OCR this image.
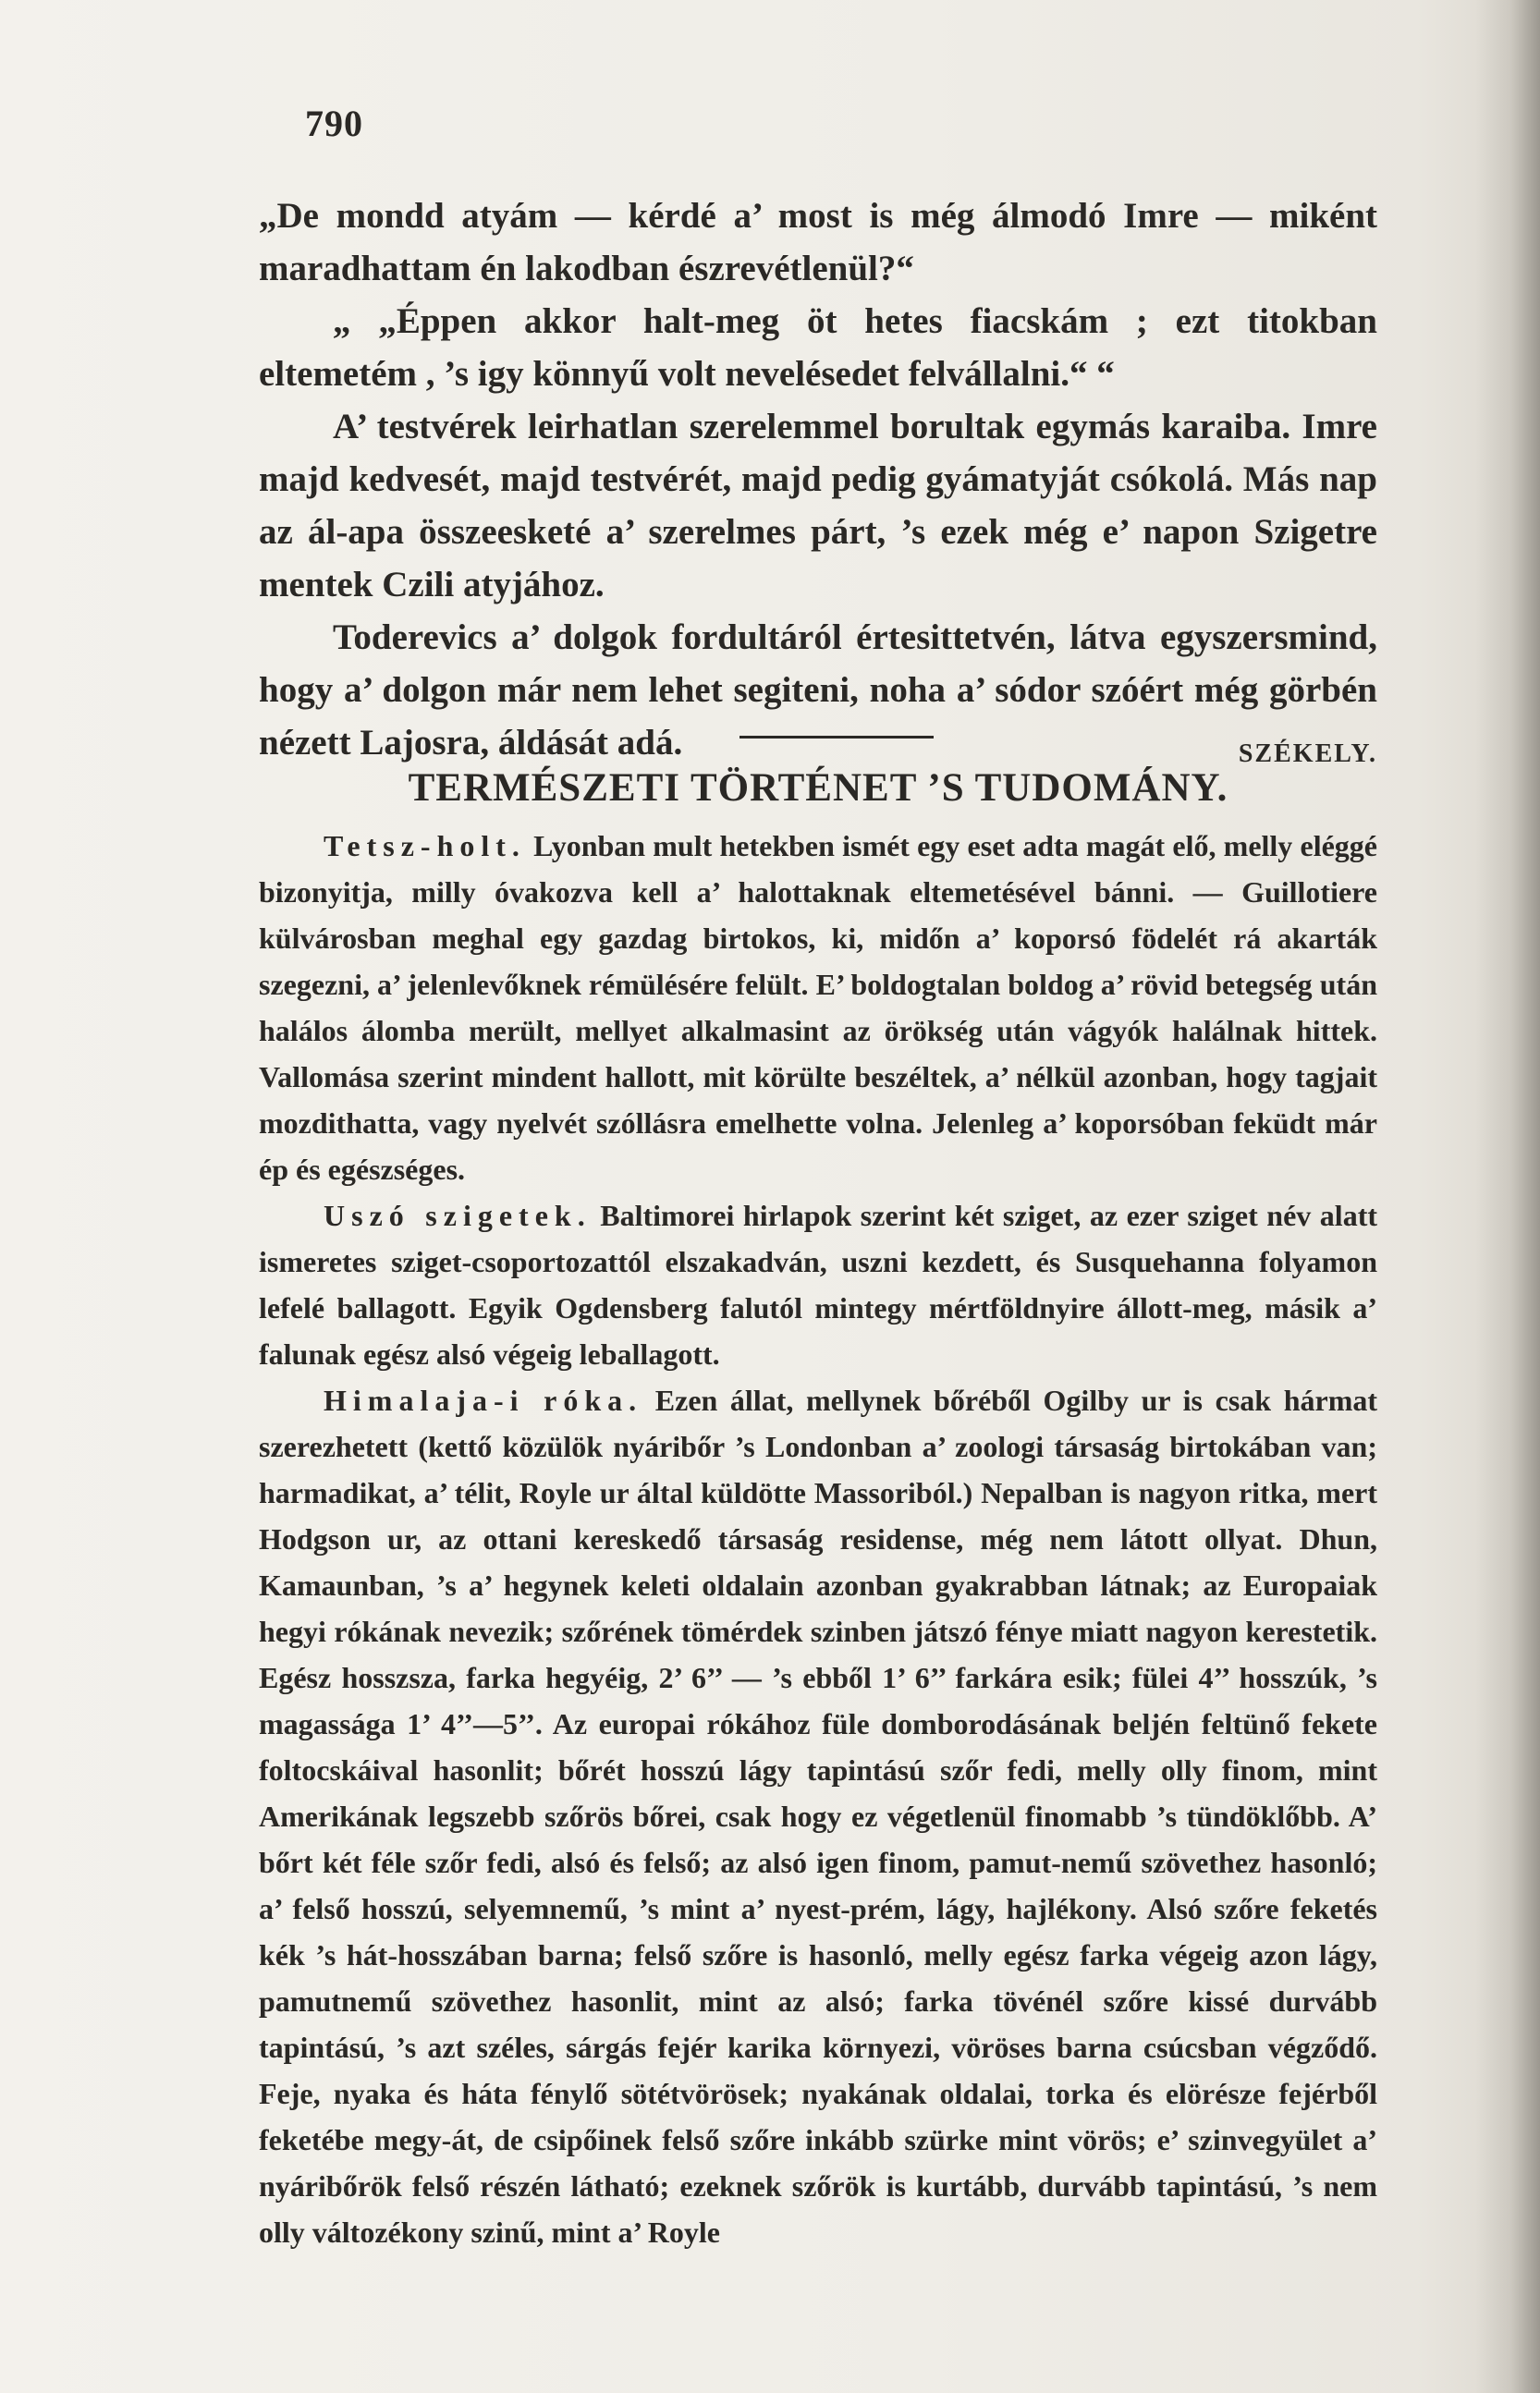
790

„De mondd atyám — kérdé a’ most is még álmodó Imre — miként maradhattam én lakodban észrevétlenül?“

„ „Éppen akkor halt-meg öt hetes fiacskám ; ezt titokban eltemetém , ’s igy könnyű volt nevelésedet felvállalni.“ “

A’ testvérek leirhatlan szerelemmel borultak egymás karaiba. Imre majd kedvesét, majd testvérét, majd pedig gyámatyját csókolá. Más nap az ál-apa összeesketé a’ szerelmes párt, ’s ezek még e’ napon Szigetre mentek Czili atyjához.

Toderevics a’ dolgok fordultáról értesittetvén, látva egyszersmind, hogy a’ dolgon már nem lehet segiteni, noha a’ sódor szóért még görbén nézett Lajosra, áldását adá.	SZÉKELY.

TERMÉSZETI TÖRTÉNET ’S TUDOMÁNY.

Tetsz-holt. Lyonban mult hetekben ismét egy eset adta magát elő, melly eléggé bizonyitja, milly óvakozva kell a’ halottaknak eltemetésével bánni. — Guillotiere külvárosban meghal egy gazdag birtokos, ki, midőn a’ koporsó födelét rá akarták szegezni, a’ jelenlevőknek rémülésére felült. E’ boldogtalan boldog a’ rövid betegség után halálos álomba merült, mellyet alkalmasint az örökség után vágyók halálnak hittek. Vallomása szerint mindent hallott, mit körülte beszéltek, a’ nélkül azonban, hogy tagjait mozdithatta, vagy nyelvét szóllásra emelhette volna. Jelenleg a’ koporsóban feküdt már ép és egészséges.

Uszó szigetek. Baltimorei hirlapok szerint két sziget, az ezer sziget név alatt ismeretes sziget-csoportozattól elszakadván, uszni kezdett, és Susquehanna folyamon lefelé ballagott. Egyik Ogdensberg falutól mintegy mértföldnyire állott-meg, másik a’ falunak egész alsó végeig leballagott.

Himalaja-i róka. Ezen állat, mellynek bőréből Ogilby ur is csak hármat szerezhetett (kettő közülök nyáribőr ’s Londonban a’ zoologi társaság birtokában van; harmadikat, a’ télit, Royle ur által küldötte Massoriból.) Nepalban is nagyon ritka, mert Hodgson ur, az ottani kereskedő társaság residense, még nem látott ollyat. Dhun, Kamaunban, ’s a’ hegynek keleti oldalain azonban gyakrabban látnak; az Europaiak hegyi rókának nevezik; szőrének tömérdek szinben játszó fénye miatt nagyon kerestetik. Egész hosszsza, farka hegyéig, 2’ 6’’ — ’s ebből 1’ 6’’ farkára esik; fülei 4’’ hosszúk, ’s magassága 1’ 4’’—5’’. Az europai rókához füle domborodásának beljén feltünő fekete foltocskáival hasonlit; bőrét hosszú lágy tapintású szőr fedi, melly olly finom, mint Amerikának legszebb szőrös bőrei, csak hogy ez végetlenül finomabb ’s tündöklőbb. A’ bőrt két féle szőr fedi, alsó és felső; az alsó igen finom, pamut-nemű szövethez hasonló; a’ felső hosszú, selyemnemű, ’s mint a’ nyest-prém, lágy, hajlékony. Alsó szőre feketés kék ’s hát-hosszában barna; felső szőre is hasonló, melly egész farka végeig azon lágy, pamutnemű szövethez hasonlit, mint az alsó; farka tövénél szőre kissé durvább tapintású, ’s azt széles, sárgás fejér karika környezi, vöröses barna csúcsban végződő. Feje, nyaka és háta fénylő sötétvörösek; nyakának oldalai, torka és elörésze fejérből feketébe megy-át, de csipőinek felső szőre inkább szürke mint vörös; e’ szinvegyület a’ nyáribőrök felső részén látható; ezeknek szőrök is kurtább, durvább tapintású, ’s nem olly változékony szinű, mint a’ Royle
